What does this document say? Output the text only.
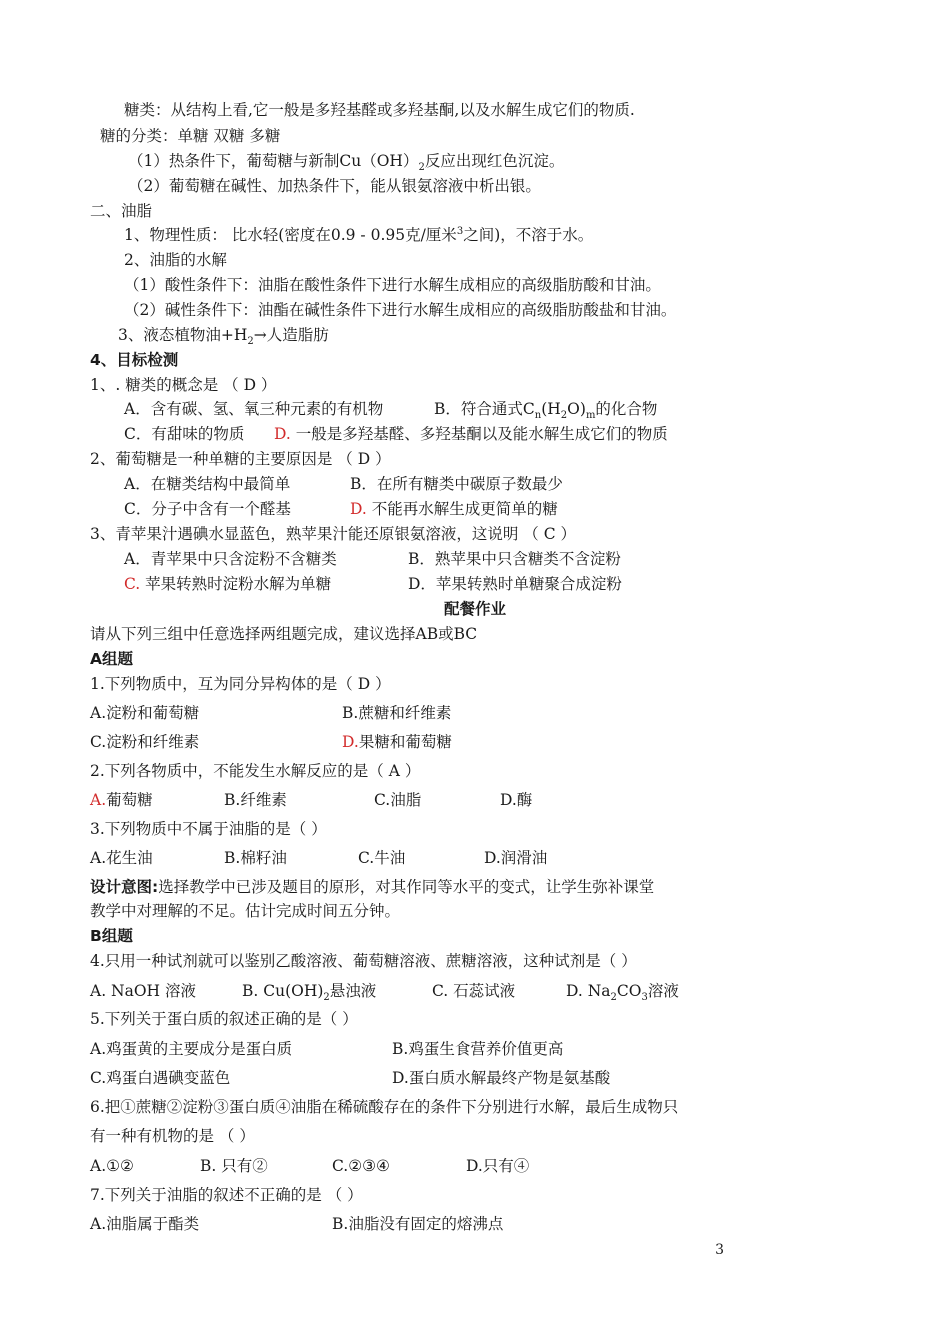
糖类：从结构上看,它一般是多羟基醛或多羟基酮,以及水解生成它们的物质.
糖的分类：单糖 双糖 多糖
（1）热条件下，葡萄糖与新制$Cu(OH)_2$反应出现红色沉淀。
（2）葡萄糖在碱性、加热条件下，能从银氨溶液中析出银。
二、油脂
1、物理性质： 比水轻(密度在0.9 - 0.95克/厘米$^3$之间)，不溶于水。
2、油脂的水解
（1）酸性条件下：油脂在酸性条件下进行水解生成相应的高级脂肪酸和甘油。
（2）碱性条件下：油酯在碱性条件下进行水解生成相应的高级脂肪酸盐和甘油。
3、液态植物油$+H_2\to$人造脂肪
4、目标检测
1、. 糖类的概念是 （ D ）
A．含有碳、氢、氧三种元素的有机物	B．符合通式$C_n(H_2O)_m$的化合物
C．有甜味的物质 D. 一般是多羟基醛、多羟基酮以及能水解生成它们的物质
2、葡萄糖是一种单糖的主要原因是 （ D ）
A．在糖类结构中最简单	B．在所有糖类中碳原子数最少
C．分子中含有一个醛基	D. 不能再水解生成更简单的糖
3、青苹果汁遇碘水显蓝色，熟苹果汁能还原银氨溶液，这说明 （ C ）
A．青苹果中只含淀粉不含糖类	B．熟苹果中只含糖类不含淀粉
C. 苹果转熟时淀粉水解为单糖	D．苹果转熟时单糖聚合成淀粉
配餐作业
请从下列三组中任意选择两组题完成，建议选择AB或BC
A组题
1.下列物质中，互为同分异构体的是（ D ）
A.淀粉和葡萄糖	B.蔗糖和纤维素
C.淀粉和纤维素	D.果糖和葡萄糖
2.下列各物质中，不能发生水解反应的是（ A ）
A.葡萄糖	B.纤维素	C.油脂	D.酶
3.下列物质中不属于油脂的是（ ）
A.花生油	B.棉籽油	C.牛油	D.润滑油
设计意图:选择教学中已涉及题目的原形，对其作同等水平的变式，让学生弥补课堂
教学中对理解的不足。估计完成时间五分钟。
B组题
4.只用一种试剂就可以鉴别乙酸溶液、葡萄糖溶液、蔗糖溶液，这种试剂是（ ）
A. NaOH 溶液	B. $Cu(OH)_2$悬浊液	C. 石蕊试液	D. $Na_2CO_3$溶液
5.下列关于蛋白质的叙述正确的是（ ）
A.鸡蛋黄的主要成分是蛋白质	B.鸡蛋生食营养价值更高
C.鸡蛋白遇碘变蓝色	D.蛋白质水解最终产物是氨基酸
6.把①蔗糖②淀粉③蛋白质④油脂在稀硫酸存在的条件下分别进行水解，最后生成物只
有一种有机物的是 （ ）
A.①②	B. 只有②	C.②③④	D.只有④
7.下列关于油脂的叙述不正确的是 （ ）
A.油脂属于酯类	B.油脂没有固定的熔沸点
3
